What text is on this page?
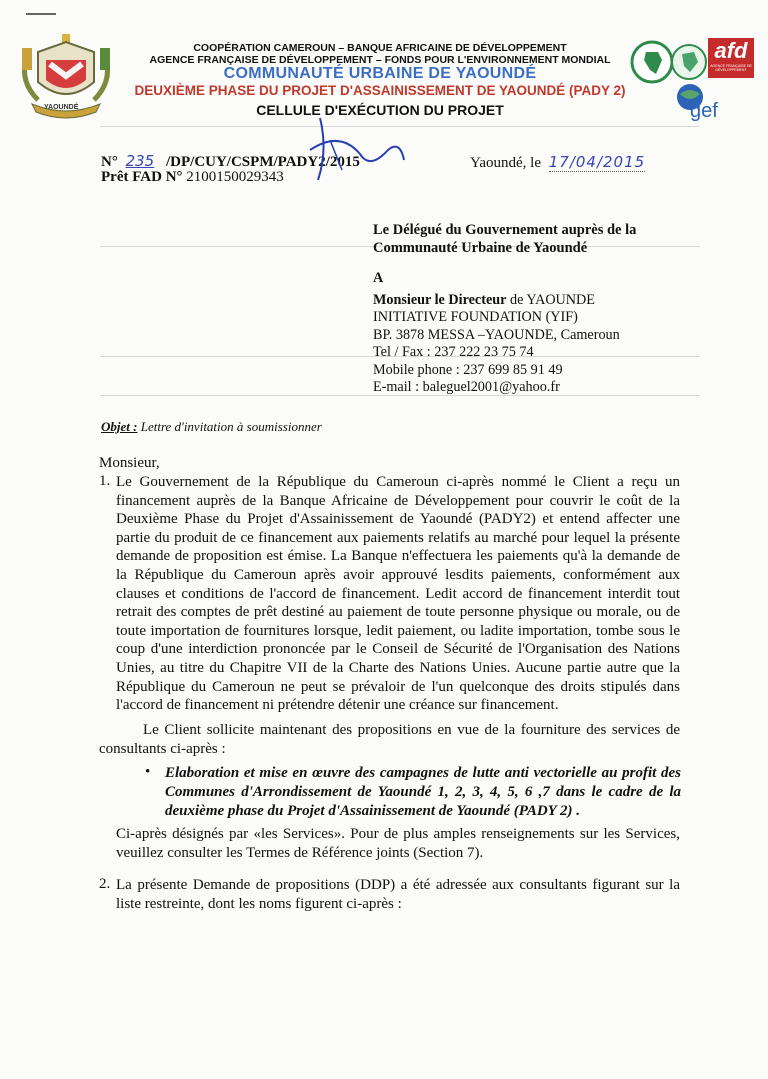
YAOUNDÉ
COOPÉRATION CAMEROUN – BANQUE AFRICAINE DE DÉVELOPPEMENT
AGENCE FRANÇAISE DE DÉVELOPPEMENT – FONDS POUR L'ENVIRONNEMENT MONDIAL
COMMUNAUTÉ URBAINE DE YAOUNDÉ
DEUXIÈME PHASE DU PROJET D'ASSAINISSEMENT DE YAOUNDÉ (PADY 2)
CELLULE D'EXÉCUTION DU PROJET
afd
AGENCE FRANÇAISE DE DÉVELOPPEMENT
gef
N° 235 /DP/CUY/CSPM/PADY2/2015
Prêt FAD N° 2100150029343
Yaoundé, le 17/04/2015
Le Délégué du Gouvernement auprès de la
Communauté Urbaine de Yaoundé
A
Monsieur le Directeur de YAOUNDE
INITIATIVE FOUNDATION (YIF)
BP. 3878 MESSA –YAOUNDE, Cameroun
Tel / Fax : 237 222 23 75 74
Mobile phone : 237 699 85 91 49
E-mail : baleguel2001@yahoo.fr
Objet : Lettre d'invitation à soumissionner
Monsieur,
1. Le Gouvernement de la République du Cameroun ci-après nommé le Client a reçu un financement auprès de la Banque Africaine de Développement pour couvrir le coût de la Deuxième Phase du Projet d'Assainissement de Yaoundé (PADY2) et entend affecter une partie du produit de ce financement aux paiements relatifs au marché pour lequel la présente demande de proposition est émise. La Banque n'effectuera les paiements qu'à la demande de la République du Cameroun après avoir approuvé lesdits paiements, conformément aux clauses et conditions de l'accord de financement. Ledit accord de financement interdit tout retrait des comptes de prêt destiné au paiement de toute personne physique ou morale, ou de toute importation de fournitures lorsque, ledit paiement, ou ladite importation, tombe sous le coup d'une interdiction prononcée par le Conseil de Sécurité de l'Organisation des Nations Unies, au titre du Chapitre VII de la Charte des Nations Unies. Aucune partie autre que la République du Cameroun ne peut se prévaloir de l'un quelconque des droits stipulés dans l'accord de financement ni prétendre détenir une créance sur financement.
Le Client sollicite maintenant des propositions en vue de la fourniture des services de consultants ci-après :
• Elaboration et mise en œuvre des campagnes de lutte anti vectorielle au profit des Communes d'Arrondissement de Yaoundé 1, 2, 3, 4, 5, 6 ,7 dans le cadre de la deuxième phase du Projet d'Assainissement de Yaoundé (PADY 2) .
Ci-après désignés par «les Services». Pour de plus amples renseignements sur les Services, veuillez consulter les Termes de Référence joints (Section 7).
2. La présente Demande de propositions (DDP) a été adressée aux consultants figurant sur la liste restreinte, dont les noms figurent ci-après :
